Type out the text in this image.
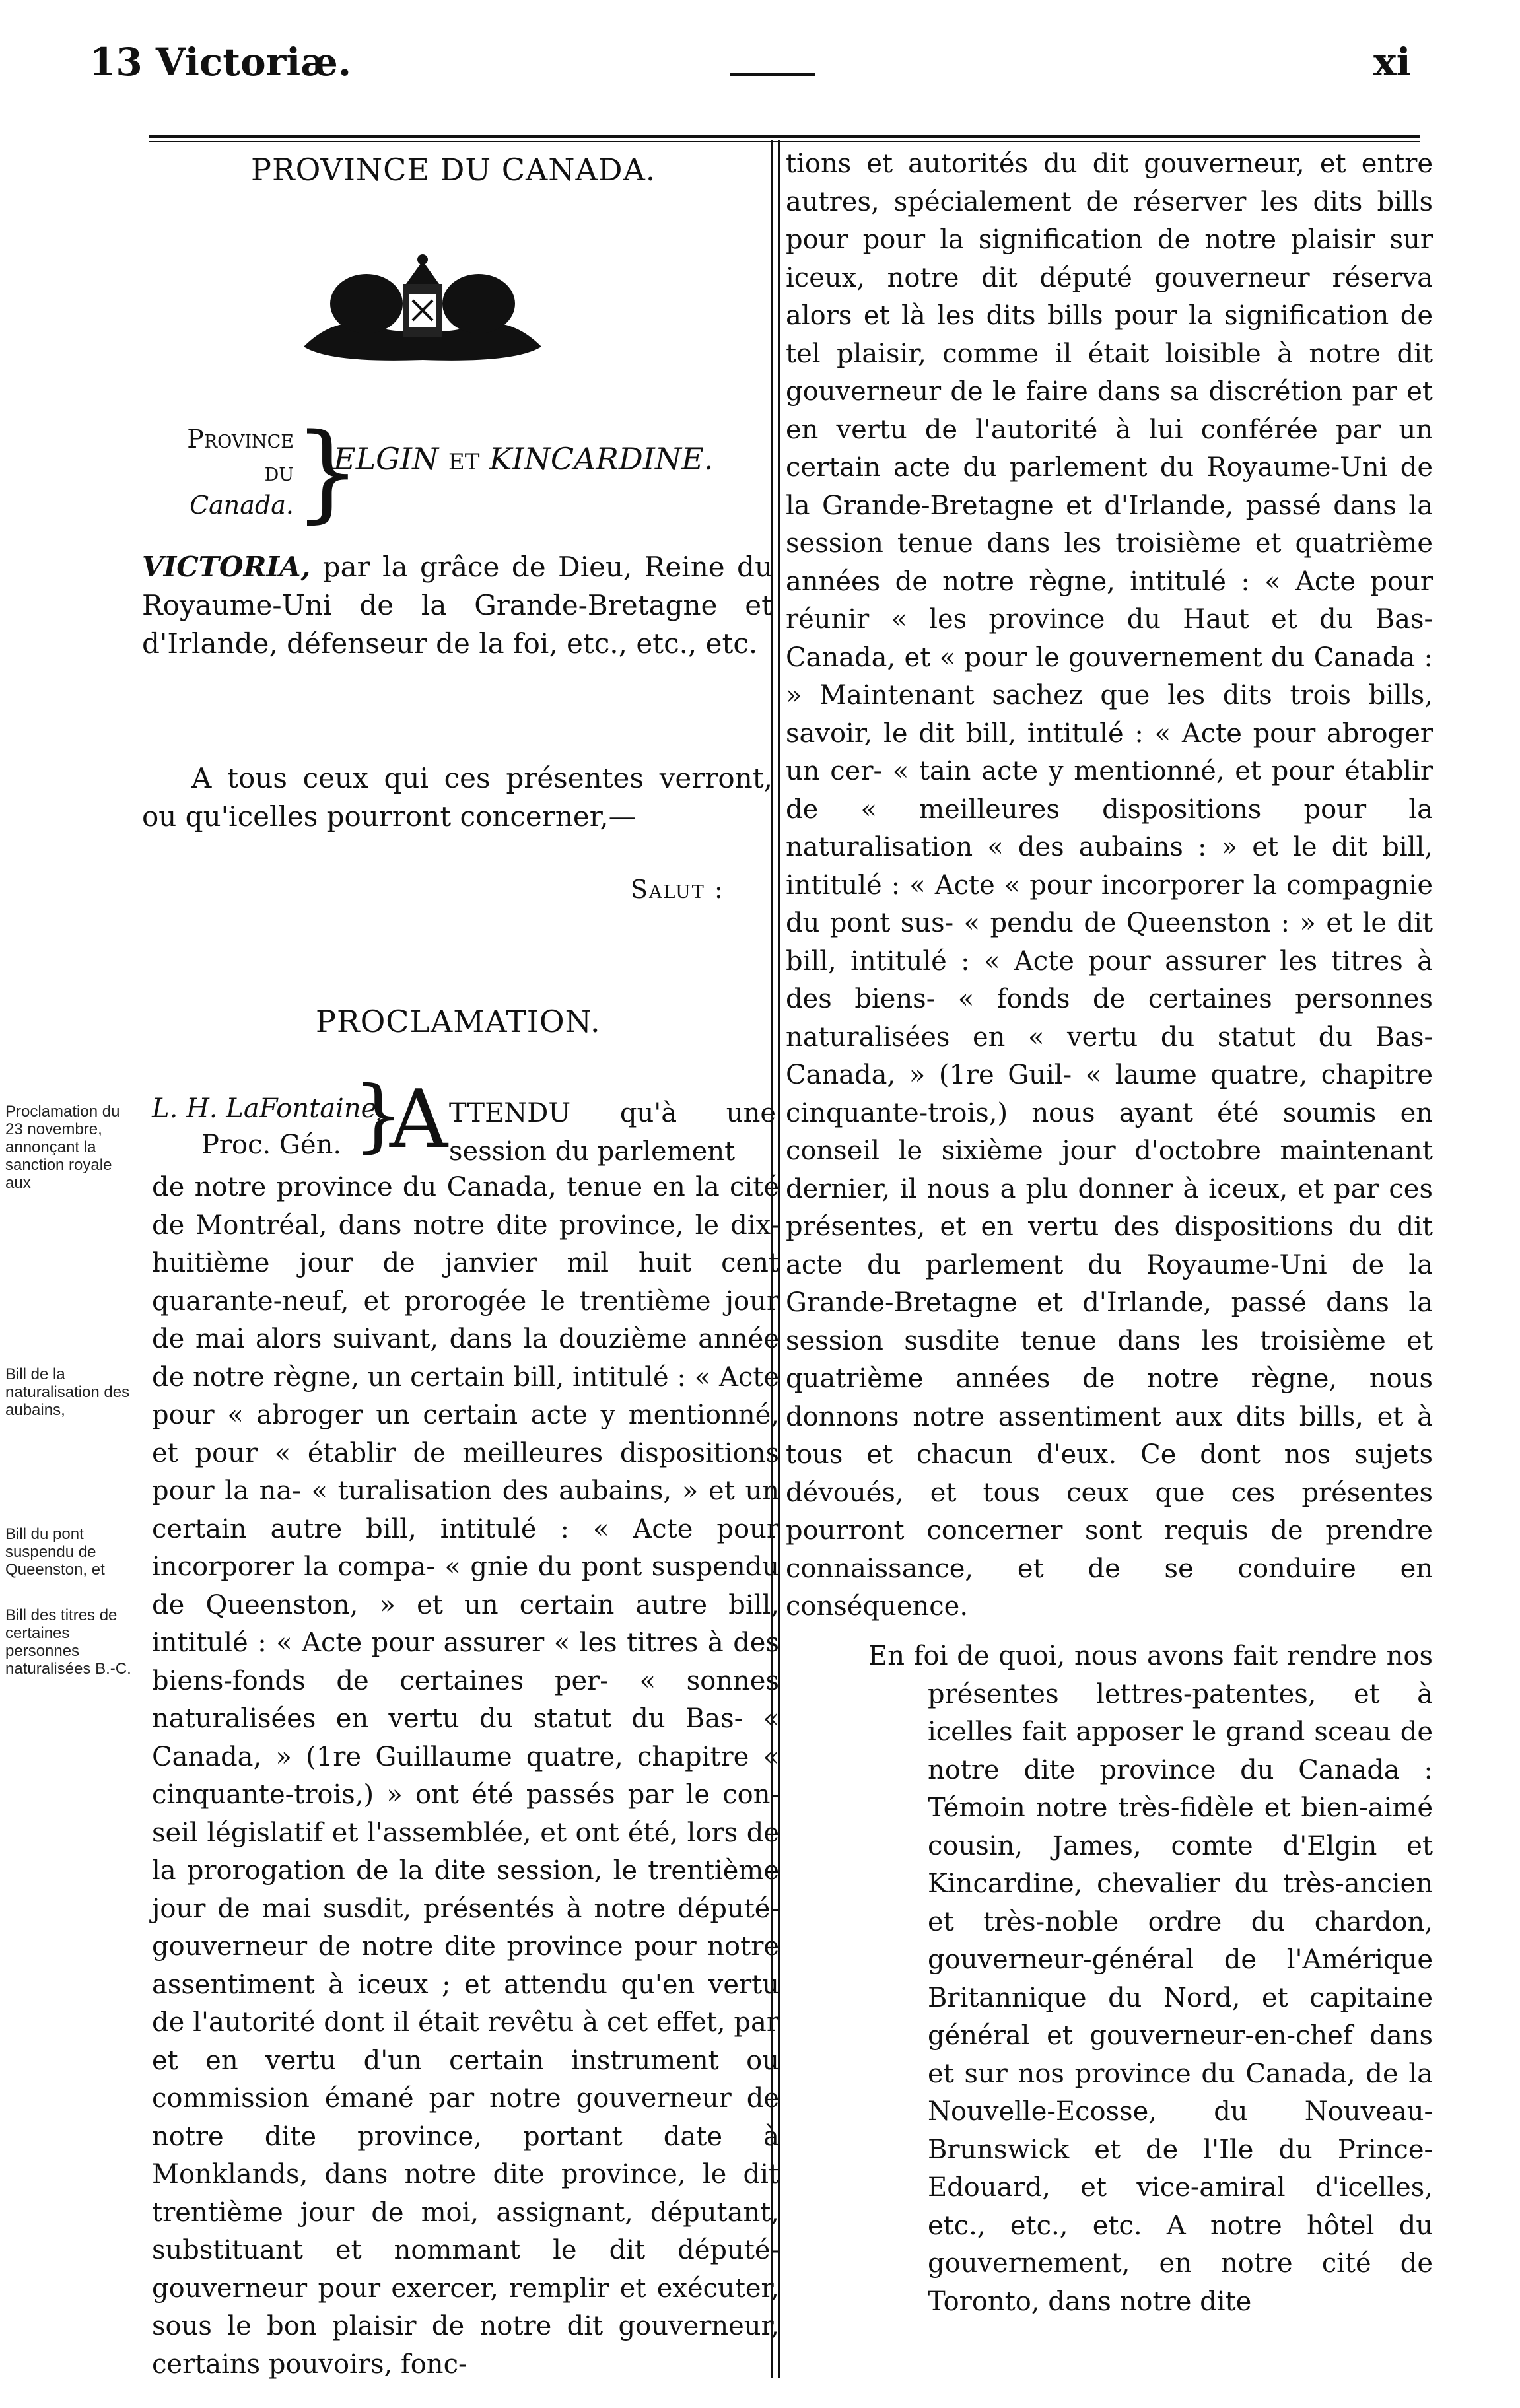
13 Victoriæ.	xi
PROVINCE DU CANADA.
Province
du
Canada. }
ELGIN ET KINCARDINE.
VICTORIA, par la grâce de Dieu, Reine du Royaume-Uni de la Grande-Bretagne et d'Irlande, défenseur de la foi, etc., etc., etc.
A tous ceux qui ces présentes verront, ou qu'icelles pourront concerner,—
Salut :
PROCLAMATION.
Proclamation du 23 novembre, annonçant la sanction royale aux
Bill de la naturalisation des aubains,
Bill du pont suspendu de Queenston, et
Bill des titres de certaines personnes naturalisées B.-C.
L. H. LaFontaine,
Proc. Gén. }
A TTENDU qu'à une session du parlement
de notre province du Canada, tenue en la cité de Montréal, dans notre dite province, le dix-huitième jour de janvier mil huit cent quarante-neuf, et prorogée le trentième jour de mai alors suivant, dans la douzième année de notre règne, un certain bill, intitulé : « Acte pour « abroger un certain acte y mentionné, et pour « établir de meilleures dispositions pour la na- « turalisation des aubains, » et un certain autre bill, intitulé : « Acte pour incorporer la compa- « gnie du pont suspendu de Queenston, » et un certain autre bill, intitulé : « Acte pour assurer « les titres à des biens-fonds de certaines per- « sonnes naturalisées en vertu du statut du Bas- « Canada, » (1re Guillaume quatre, chapitre « cinquante-trois,) » ont été passés par le con- seil législatif et l'assemblée, et ont été, lors de la prorogation de la dite session, le trentième jour de mai susdit, présentés à notre député-gouverneur de notre dite province pour notre assentiment à iceux ; et attendu qu'en vertu de l'autorité dont il était revêtu à cet effet, par et en vertu d'un certain instrument ou commission émané par notre gouverneur de notre dite province, portant date à Monklands, dans notre dite province, le dit trentième jour de moi, assignant, députant, substituant et nommant le dit député-gouverneur pour exercer, remplir et exécuter, sous le bon plaisir de notre dit gouverneur, certains pouvoirs, fonc-
tions et autorités du dit gouverneur, et entre autres, spécialement de réserver les dits bills pour pour la signification de notre plaisir sur iceux, notre dit député gouverneur réserva alors et là les dits bills pour la signification de tel plaisir, comme il était loisible à notre dit gouverneur de le faire dans sa discrétion par et en vertu de l'autorité à lui conférée par un certain acte du parlement du Royaume-Uni de la Grande-Bretagne et d'Irlande, passé dans la session tenue dans les troisième et quatrième années de notre règne, intitulé : « Acte pour réunir « les province du Haut et du Bas-Canada, et « pour le gouvernement du Canada : » Maintenant sachez que les dits trois bills, savoir, le dit bill, intitulé : « Acte pour abroger un cer- « tain acte y mentionné, et pour établir de « meilleures dispositions pour la naturalisation « des aubains : » et le dit bill, intitulé : « Acte « pour incorporer la compagnie du pont sus- « pendu de Queenston : » et le dit bill, intitulé : « Acte pour assurer les titres à des biens- « fonds de certaines personnes naturalisées en « vertu du statut du Bas-Canada, » (1re Guil- « laume quatre, chapitre cinquante-trois,) nous ayant été soumis en conseil le sixième jour d'octobre maintenant dernier, il nous a plu donner à iceux, et par ces présentes, et en vertu des dispositions du dit acte du parlement du Royaume-Uni de la Grande-Bretagne et d'Irlande, passé dans la session susdite tenue dans les troisième et quatrième années de notre règne, nous donnons notre assentiment aux dits bills, et à tous et chacun d'eux. Ce dont nos sujets dévoués, et tous ceux que ces présentes pourront concerner sont requis de prendre connaissance, et de se conduire en conséquence.

En foi de quoi, nous avons fait rendre nos présentes lettres-patentes, et à icelles fait apposer le grand sceau de notre dite province du Canada : Témoin notre très-fidèle et bien-aimé cousin, James, comte d'Elgin et Kincardine, chevalier du très-ancien et très-noble ordre du chardon, gouverneur-général de l'Amérique Britannique du Nord, et capitaine général et gouverneur-en-chef dans et sur nos province du Canada, de la Nouvelle-Ecosse, du Nouveau-Brunswick et de l'Ile du Prince-Edouard, et vice-amiral d'icelles, etc., etc., etc. A notre hôtel du gouvernement, en notre cité de Toronto, dans notre dite
